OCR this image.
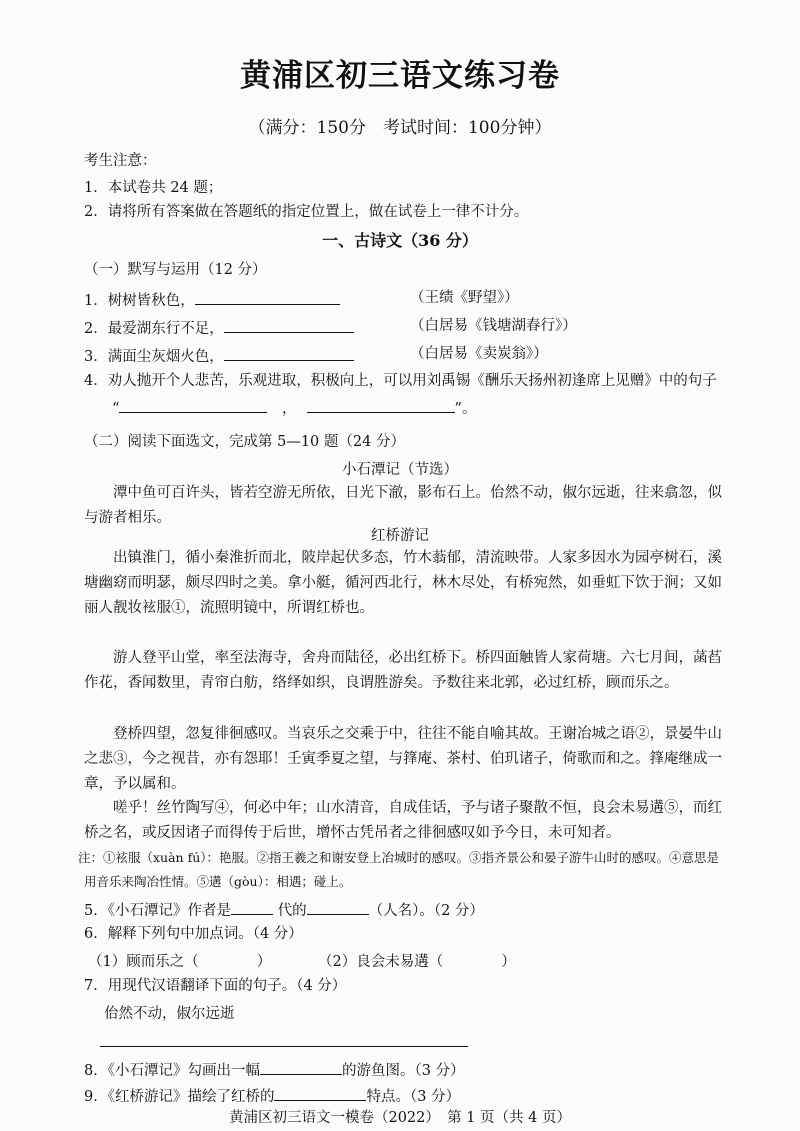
黄浦区初三语文练习卷
（满分：150分　考试时间：100分钟）
考生注意：
1．本试卷共 24 题；
2．请将所有答案做在答题纸的指定位置上，做在试卷上一律不计分。
一、古诗文（36 分）
（一）默写与运用（12 分）
1．树树皆秋色，	（王绩《野望》）
2．最爱湖东行不足，	（白居易《钱塘湖春行》）
3．满面尘灰烟火色，	（白居易《卖炭翁》）
4．劝人抛开个人悲苦，乐观进取，积极向上，可以用刘禹锡《酬乐天扬州初逢席上见赠》中的句子
“	，	”。
（二）阅读下面选文，完成第 5—10 题（24 分）
小石潭记（节选）
潭中鱼可百许头，皆若空游无所依，日光下澈，影布石上。佁然不动，俶尔远逝，往来翕忽，似与游者相乐。
红桥游记
出镇淮门，循小秦淮折而北，陂岸起伏多态，竹木蓊郁，清流映带。人家多因水为园亭树石，溪塘幽窈而明瑟，颇尽四时之美。拿小艇，循河西北行，林木尽处，有桥宛然，如垂虹下饮于涧；又如丽人靓妆袨服①，流照明镜中，所谓红桥也。
游人登平山堂，率至法海寺，舍舟而陆径，必出红桥下。桥四面触皆人家荷塘。六七月间，菡萏作花，香闻数里，青帘白舫，络绎如织，良谓胜游矣。予数往来北郭，必过红桥，顾而乐之。
登桥四望，忽复徘徊感叹。当哀乐之交乘于中，往往不能自喻其故。王谢冶城之语②，景晏牛山之悲③，今之视昔，亦有怨耶！壬寅季夏之望，与箨庵、茶村、伯玑诸子，倚歌而和之。箨庵继成一章，予以属和。
嗟乎！丝竹陶写④，何必中年；山水清音，自成佳话，予与诸子聚散不恒，良会未易遘⑤，而红桥之名，或反因诸子而得传于后世，增怀古凭吊者之徘徊感叹如予今日，未可知者。
注：①袨服（xuàn fú）：艳服。②指王羲之和谢安登上冶城时的感叹。③指齐景公和晏子游牛山时的感叹。④意思是
用音乐来陶冶性情。⑤遘（gòu）：相遇；碰上。
5．《小石潭记》作者是	代的	（人名）。（2 分）
6．解释下列句中加点词。（4 分）
（1）顾而乐之（　　　　）	（2）良会未易遘（　　　　）
7．用现代汉语翻译下面的句子。（4 分）
佁然不动，俶尔远逝
8．《小石潭记》勾画出一幅	的游鱼图。（3 分）
9．《红桥游记》描绘了红桥的	特点。（3 分）
黄浦区初三语文一模卷（2022）　第 1 页（共 4 页）
